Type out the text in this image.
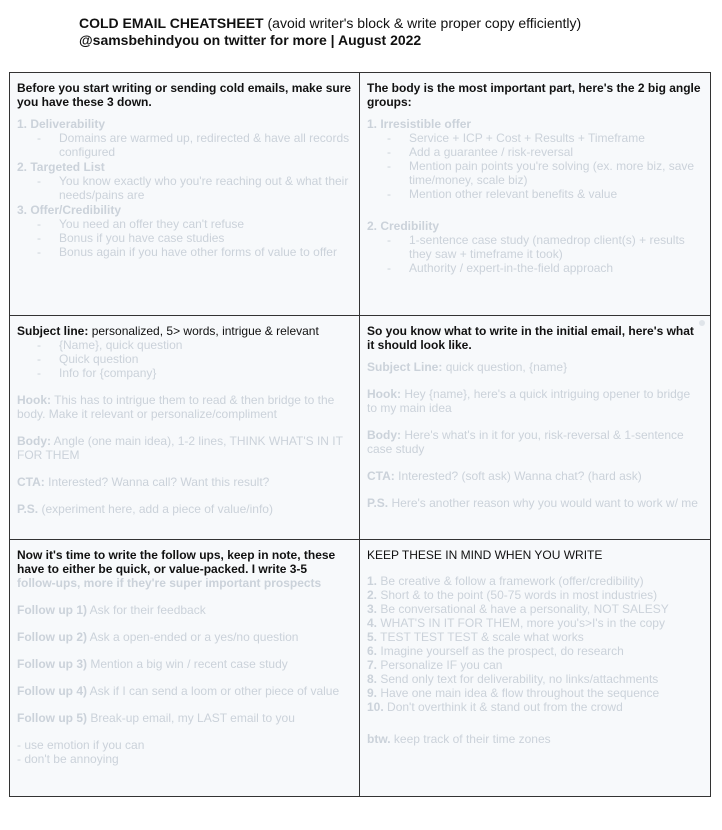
COLD EMAIL CHEATSHEET (avoid writer's block & write proper copy efficiently)
@samsbehindyou on twitter for more | August 2022
Before you start writing or sending cold emails, make sure you have these 3 down.
1. Deliverability
- Domains are warmed up, redirected & have all records configured
2. Targeted List
- You know exactly who you're reaching out & what their needs/pains are
3. Offer/Credibility
- You need an offer they can't refuse
- Bonus if you have case studies
- Bonus again if you have other forms of value to offer
The body is the most important part, here's the 2 big angle groups:
1. Irresistible offer
- Service + ICP + Cost + Results + Timeframe
- Add a guarantee / risk-reversal
- Mention pain points you're solving (ex. more biz, save time/money, scale biz)
- Mention other relevant benefits & value
2. Credibility
- 1-sentence case study (namedrop client(s) + results they saw + timeframe it took)
- Authority / expert-in-the-field approach
Subject line: personalized, 5> words, intrigue & relevant
- {Name}, quick question
- Quick question
- Info for {company}
Hook: This has to intrigue them to read & then bridge to the body. Make it relevant or personalize/compliment
Body: Angle (one main idea), 1-2 lines, THINK WHAT'S IN IT FOR THEM
CTA: Interested? Wanna call? Want this result?
P.S. (experiment here, add a piece of value/info)
So you know what to write in the initial email, here's what it should look like.
Subject Line: quick question, {name}
Hook: Hey {name}, here's a quick intriguing opener to bridge to my main idea
Body: Here's what's in it for you, risk-reversal & 1-sentence case study
CTA: Interested? (soft ask) Wanna chat? (hard ask)
P.S. Here's another reason why you would want to work w/ me
Now it's time to write the follow ups, keep in note, these
have to either be quick, or value-packed. I write 3-5
follow-ups, more if they're super important prospects
Follow up 1) Ask for their feedback
Follow up 2) Ask a open-ended or a yes/no question
Follow up 3) Mention a big win / recent case study
Follow up 4) Ask if I can send a loom or other piece of value
Follow up 5) Break-up email, my LAST email to you
- use emotion if you can
- don't be annoying
KEEP THESE IN MIND WHEN YOU WRITE
1. Be creative & follow a framework (offer/credibility)
2. Short & to the point (50-75 words in most industries)
3. Be conversational & have a personality, NOT SALESY
4. WHAT'S IN IT FOR THEM, more you's>I's in the copy
5. TEST TEST TEST & scale what works
6. Imagine yourself as the prospect, do research
7. Personalize IF you can
8. Send only text for deliverability, no links/attachments
9. Have one main idea & flow throughout the sequence
10. Don't overthink it & stand out from the crowd
btw. keep track of their time zones
